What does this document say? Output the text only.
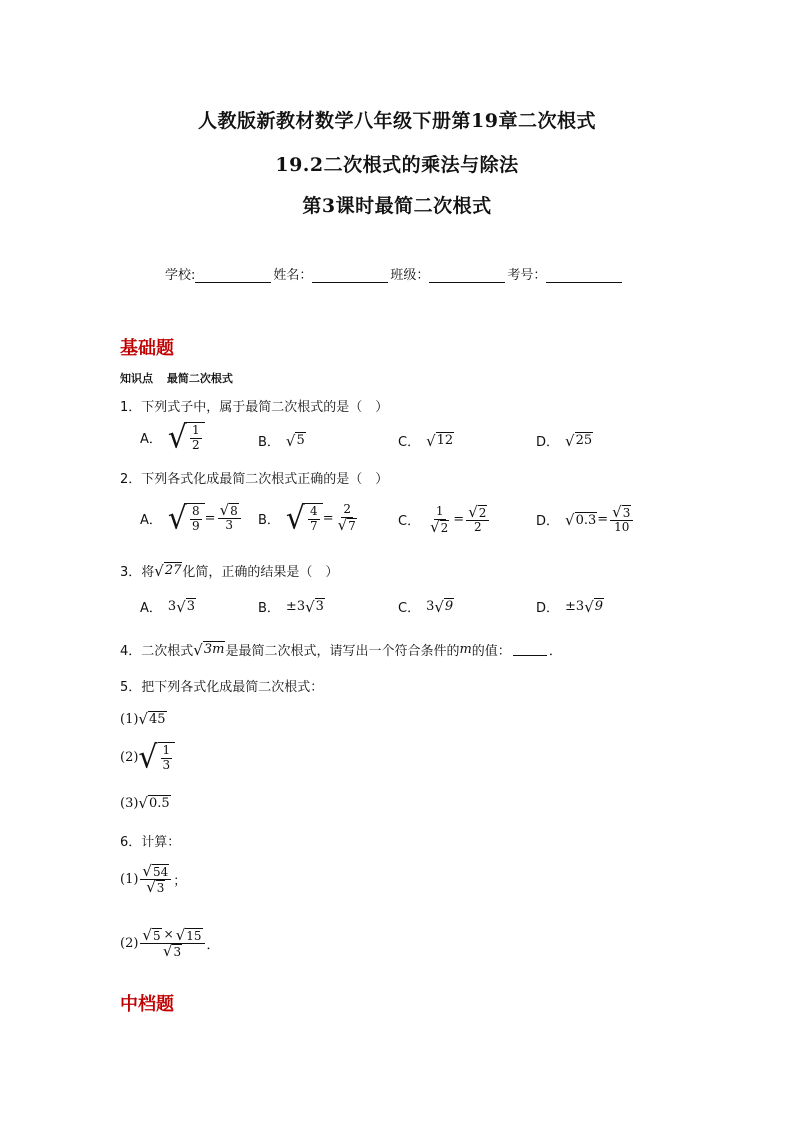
人教版新教材数学八年级下册第19章二次根式
19.2二次根式的乘法与除法
第3课时最简二次根式
学校:	姓名：	班级：	考号：
基础题
知识点 最简二次根式
1．下列式子中，属于最简二次根式的是（　）
A． √ $\frac{1}{2}$	B． √ 5	C． √ 12	D． √ 25
2．下列各式化成最简二次根式正确的是（　）
A． √ $\frac{8}{9} = \frac{√ 8}{3}$ B． √ $\frac{4}{7} = \frac{2}{√ 7}$	C． $\frac{1}{√ 2} = \frac{√ 2}{2}$	D． √ $0.3 = \frac{√ 3}{10}$
3．将 √ 27 化简，正确的结果是（　）
A． 3 √ 3	B． ±3 √ 3	C． 3 √ 9	D． ±3 √ 9
4．二次根式 √ 3m 是最简二次根式，请写出一个符合条件的 m 的值：	．
5．把下列各式化成最简二次根式：
(1) √ 45
(2) √ $\frac{1}{3}$
(3) √ 0.5
6．计算：
$(1) \frac{√ 54}{√ 3}$ ；
$(2) \frac{√ 5 \times √ 15}{√ 3}$ ．
中档题
